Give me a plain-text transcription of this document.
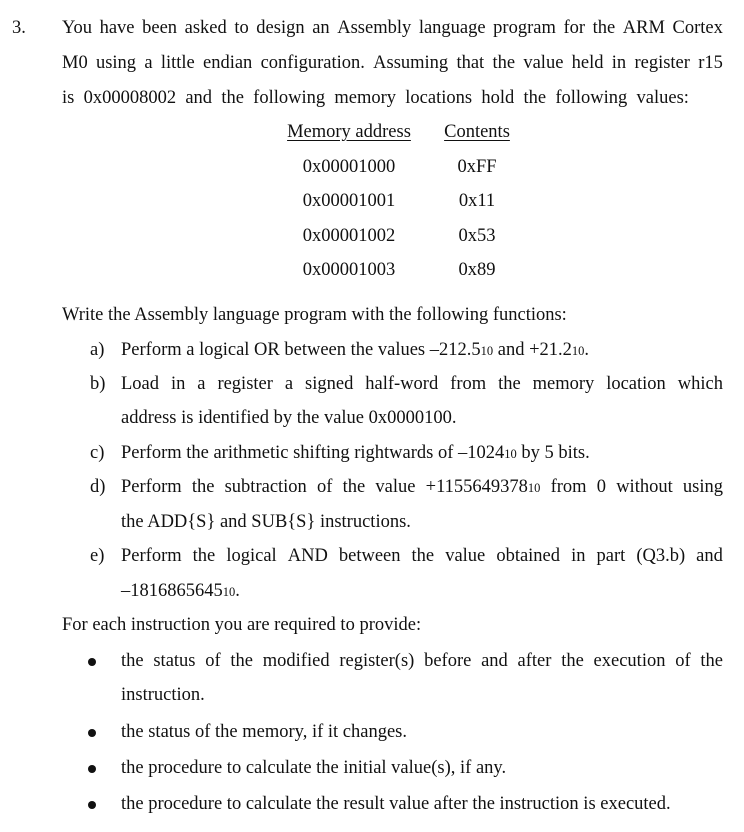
3. You have been asked to design an Assembly language program for the ARM Cortex
M0 using a little endian configuration. Assuming that the value held in register r15
is 0x00008002 and the following memory locations hold the following values:
Memory address Contents
0x00001000	0xFF
0x00001001	0x11
0x00001002	0x53
0x00001003	0x89
Write the Assembly language program with the following functions:
a) Perform a logical OR between the values –212.510 and +21.210.
b) Load in a register a signed half-word from the memory location which
address is identified by the value 0x0000100.
c) Perform the arithmetic shifting rightwards of –102410 by 5 bits.
d) Perform the subtraction of the value +115564937810 from 0 without using
the ADD{S} and SUB{S} instructions.
e) Perform the logical AND between the value obtained in part (Q3.b) and
–181686564510.
For each instruction you are required to provide:
the status of the modified register(s) before and after the execution of the
instruction.
the status of the memory, if it changes.
the procedure to calculate the initial value(s), if any.
the procedure to calculate the result value after the instruction is executed.
